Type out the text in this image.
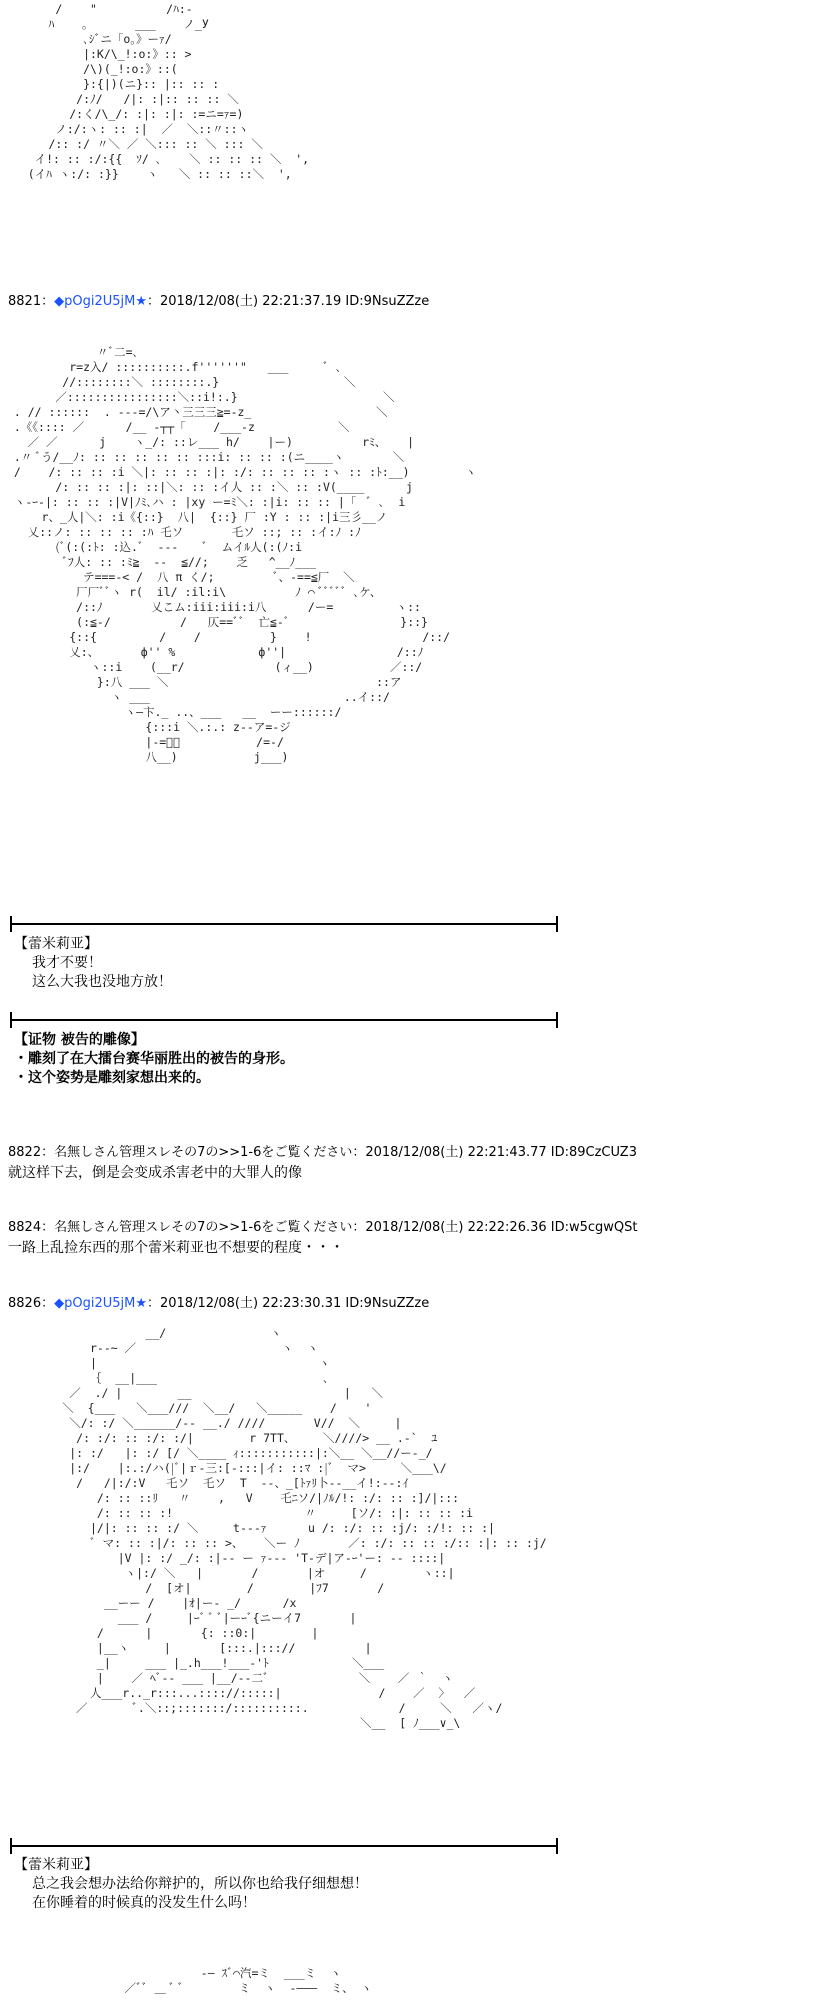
/    "          /ﾊ:-
ﾊ    。      ___    ノ_У
､ｼﾞニ「o｡》ーｧ/
|:K/\_!:o:》:: >
/\)(_!:o:》::(
}:{|)(ニ}:: |:: :: :
/:ﾉ/   /|: :|:: :: :: ＼
/:く/\_/: :|: :|: :=ニ=ｧ=)
ノ:/:ヽ: :: :|  ／  ＼::〃::ヽ
/:: :/ 〃＼ ／ ＼::: :: ＼ ::: ＼
イ!: :: :/:{{  ｿ/ ､    ＼ :: :: :: ＼  ',
(イﾊ ヽ:/: :}}    ヽ   ＼ :: :: ::＼  ',
8821：◆pOgi2U5jM★：2018/12/08(土) 22:21:37.19 ID:9NsuZZze
〃ﾞ二=､
r=z入/ ::::::::::.f''''''"   ___     ﾞ ､
//::::::::＼ ::::::::.}                  ＼
／::::::::::::::::＼::i!:.}                     ＼
. // ::::::  . ---=/\ア丶三三三≧=-z_                  ＼
.《《:::: ／      /__ -┬┬「    /___-z            ＼
／ ／      j    ヽ_/: ::レ___ h/    |ー)          rﾐ、   |
.〃 ﾞう/__ﾉ: :: :: :: :: :: :::i: :: :: :(ニ____ヽ       ＼
/    /: :: :: :i ＼|: :: :: :|: :/: :: :: :: :ヽ :: :ﾄ:__)        ヽ
/: :: :: :|: ::|＼: :: :イ人 :: :＼ :: :V(____      j
ヽ-ｰ-|: :: :: :|V|ﾉﾐ､ハ : |xy ー=ﾐ＼: :|i: :: :: |「  ﾞ ､  i
r、_人|＼: :i《{::}  八|  {::} 厂 :Y : :: :|i三彡__ノ
乂::ノ: :: :: :: :ﾊ 乇ソ       乇ソ ::; :: :イ:ﾉ :ﾉ
(ﾞ(:(:ﾄ: :込.ﾞ  -‐-    ﾞ  ムイﾙ人(:(ﾉ:i
ﾞﾌ人: :: :ﾐ≧  --  ≦//;    乏   ^__ﾉ___
テ===-< /  八 π く/;         ﾞ、-==≦厂  ＼
厂厂ﾞﾞヽ r(  il/ :il:i\          ﾉ ⌒ ﾞﾞﾞﾞﾞ ､ケ、
/::ﾉ       乂こム:iii:iii:i八      /ー=         ヽ::
(:≦-/          /   仄==ﾞﾞ  亡≦-ﾞ                }::}
{::{         /    /          }    !                /::/
乂:、      ф'' %            ф''|                /::ﾉ
ヽ::i    (__r/             (ィ__)           ／::/
}:八 ___ ＼                              ::ア
ヽ ___                            ..イ::/
ヽ―卞._ ..、___   __  ーー::::::/
{:::i ＼.:.: z--ア=-ジ
|-=ﾞ､           /=-/
八__)           j___)
【蕾米莉亚】
我才不要！
这么大我也没地方放！
【证物 被告的雕像】
・雕刻了在大擂台赛华丽胜出的被告的身形。
・这个姿势是雕刻家想出来的。
8822：名無しさん管理スレその7の>>1-6をご覧ください：2018/12/08(土) 22:21:43.77 ID:89CzCUZ3
就这样下去，倒是会变成杀害老中的大罪人的像
8824：名無しさん管理スレその7の>>1-6をご覧ください：2018/12/08(土) 22:22:26.36 ID:w5cgwQSt
一路上乱捡东西的那个蕾米莉亚也不想要的程度・・・
8826：◆pOgi2U5jM★：2018/12/08(土) 22:23:30.31 ID:9NsuZZze
__/               ヽ
r-‐~ ／                     ヽ  ヽ
|                                ヽ
｛  __|___                        ､
／  ./ |        __                      |   ＼
＼  {___   ＼___///  ＼__/   ＼_____    /    '
＼/: :/ ＼______/-- __./ ////       V//  ＼     |
/: :/: :: :/: :/|        r 7TT、    ＼////> __ .-`  ﾕ
|: :/   |: :/ [/ ＼____ ｨ:::::::::::|:＼__ ＼__//ー-_/
|:/    |:.:/ハ(|ﾞ|ｒ-三:[-:::|イ: ::ﾏ :|ﾞ  マ>     ＼___\/
/   /|:/:V   乇ソ  乇ソ  T  --、_[ﾄｧﾘ卜--__イ!:--:ｲ
/: :: ::ﾘ   〃    ,   V    乇ﾆソ/|ﾉﾙ/!: :/: :: :]/|:::
/: :: :: :!                   〃     [ソ/: :|: :: :: :i
|/|: :: :: :/ ＼     t-‐-ｧ      u /: :/: :: :j/: :/!: :: :|
ﾞ マ: :: :|/: :: :: >、   ＼ー ﾉ       ／: :/: :: :: :/:: :|: :: :j/
|V |: :/ _/: :|-- ー ｧ--‐ 'T-デ|ア-ｰ'ー: -- ::::|
ヽ|:/ ＼   |       /       |オ     /        ヽ::|
/  [オ|        /        |ﾌ7       /
__ーー /    |ｵ|ー- _/      /x
___ /     |ｰﾞ ﾞ ﾞ|ーｰﾞ{ニーイ7       |
/      |       {: ::0:|        |
|__ヽ     |       [:::.|::://          |
_|     ___ |_.h___!___-'ﾄ            ＼___
|    ／ ﾍﾞ-- ___ |__/--二ﾞ             ＼    ／ ｀  ヽ
人___r.._r:::...:::://:::::|              /    ／  〉  ／
／       ﾞ.＼::;:::::::/::::::::::.             /     ＼   ／ヽ/
＼__  [ ﾉ___∨_\
【蕾米莉亚】
总之我会想办法给你辩护的，所以你也给我仔细想想！
在你睡着的时候真的没发生什么吗！
-― ｽﾞ⌒汽=ミ  ___ミ  ヽ
／ﾞﾞ ＿ ﾞ ﾞ        ミ  ヽ  -―――  ミ、 ヽ
